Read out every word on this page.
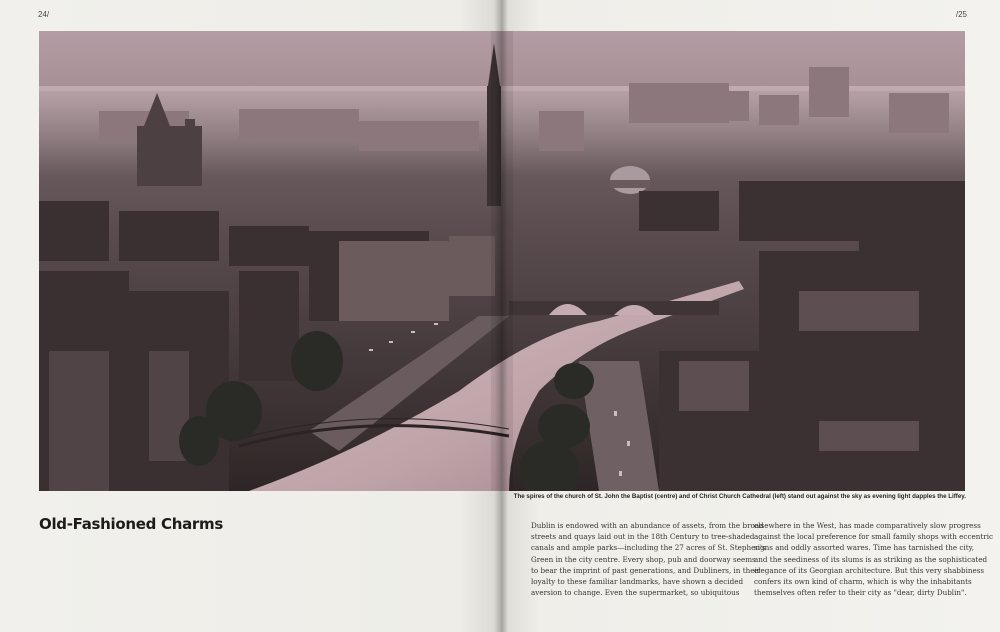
24/	/25
The spires of the church of St. John the Baptist (centre) and of Christ Church Cathedral (left) stand out against the sky as evening light dapples the Liffey.
Old-Fashioned Charms	Dublin is endowed with an abundance of assets, from the broad
streets and quays laid out in the 18th Century to tree-shaded
canals and ample parks—including the 27 acres of St. Stephen's
Green in the city centre. Every shop, pub and doorway seems
to bear the imprint of past generations, and Dubliners, in their
loyalty to these familiar landmarks, have shown a decided
aversion to change. Even the supermarket, so ubiquitous
elsewhere in the West, has made comparatively slow progress
against the local preference for small family shops with eccentric
signs and oddly assorted wares. Time has tarnished the city,
and the seediness of its slums is as striking as the sophisticated
elegance of its Georgian architecture. But this very shabbiness
confers its own kind of charm, which is why the inhabitants
themselves often refer to their city as "dear, dirty Dublin".
